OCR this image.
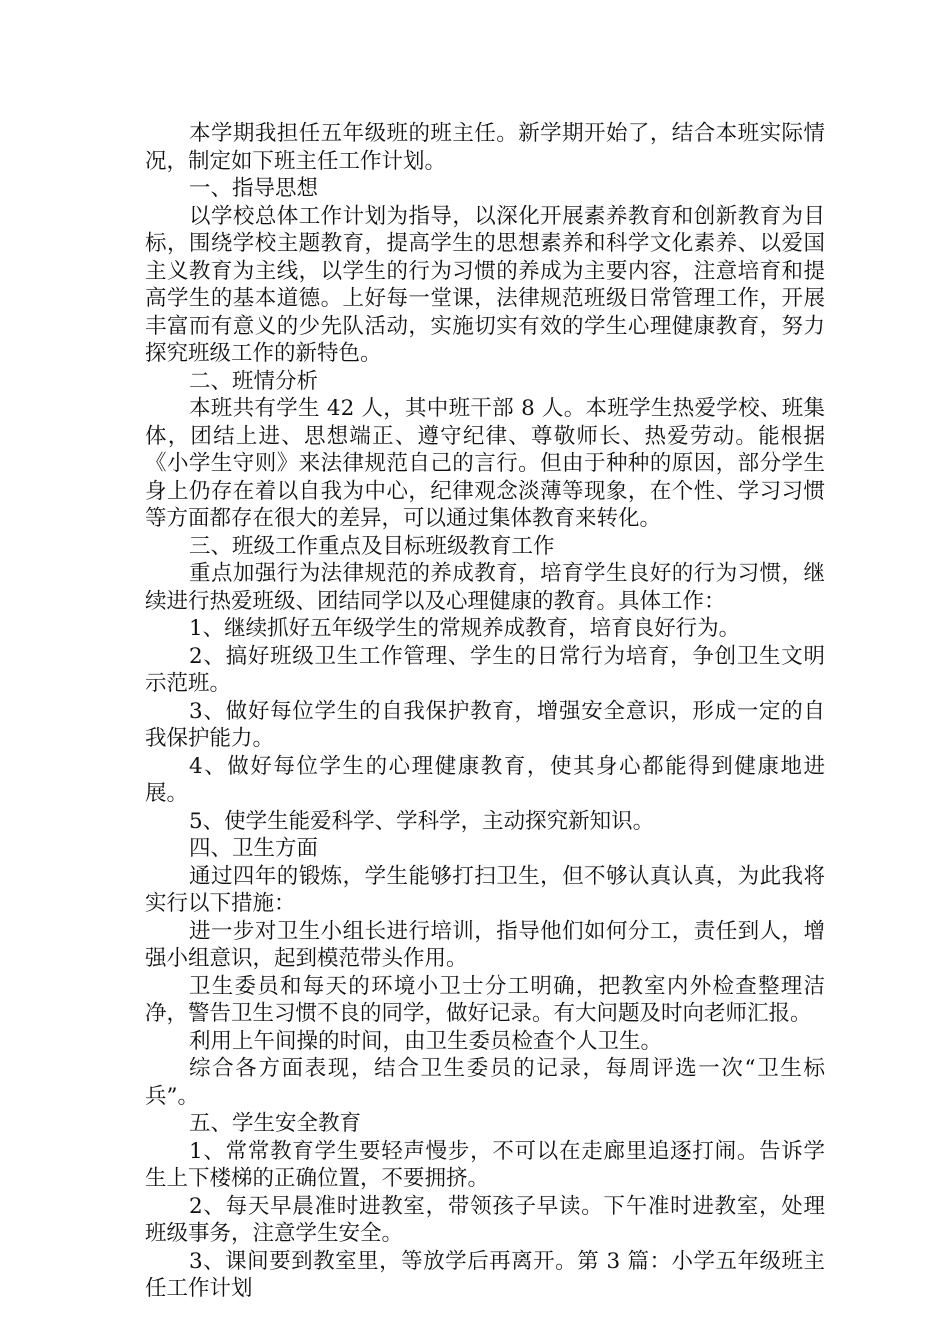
本学期我担任五年级班的班主任。新学期开始了，结合本班实际情况，制定如下班主任工作计划。

一、指导思想

以学校总体工作计划为指导，以深化开展素养教育和创新教育为目标，围绕学校主题教育，提高学生的思想素养和科学文化素养、以爱国主义教育为主线，以学生的行为习惯的养成为主要内容，注意培育和提高学生的基本道德。上好每一堂课，法律规范班级日常管理工作，开展丰富而有意义的少先队活动，实施切实有效的学生心理健康教育，努力探究班级工作的新特色。

二、班情分析

本班共有学生 42 人，其中班干部 8 人。本班学生热爱学校、班集体，团结上进、思想端正、遵守纪律、尊敬师长、热爱劳动。能根据《小学生守则》来法律规范自己的言行。但由于种种的原因，部分学生身上仍存在着以自我为中心，纪律观念淡薄等现象，在个性、学习习惯等方面都存在很大的差异，可以通过集体教育来转化。

三、班级工作重点及目标班级教育工作

重点加强行为法律规范的养成教育，培育学生良好的行为习惯，继续进行热爱班级、团结同学以及心理健康的教育。具体工作：

1、继续抓好五年级学生的常规养成教育，培育良好行为。

2、搞好班级卫生工作管理、学生的日常行为培育，争创卫生文明示范班。

3、做好每位学生的自我保护教育，增强安全意识，形成一定的自我保护能力。

4、做好每位学生的心理健康教育，使其身心都能得到健康地进展。

5、使学生能爱科学、学科学，主动探究新知识。

四、卫生方面

通过四年的锻炼，学生能够打扫卫生，但不够认真认真，为此我将实行以下措施：

进一步对卫生小组长进行培训，指导他们如何分工，责任到人，增强小组意识，起到模范带头作用。

卫生委员和每天的环境小卫士分工明确，把教室内外检查整理洁净，警告卫生习惯不良的同学，做好记录。有大问题及时向老师汇报。

利用上午间操的时间，由卫生委员检查个人卫生。

综合各方面表现，结合卫生委员的记录，每周评选一次“卫生标兵”。

五、学生安全教育

1、常常教育学生要轻声慢步，不可以在走廊里追逐打闹。告诉学生上下楼梯的正确位置，不要拥挤。

2、每天早晨准时进教室，带领孩子早读。下午准时进教室，处理班级事务，注意学生安全。

3、课间要到教室里，等放学后再离开。第 3 篇：小学五年级班主任工作计划
